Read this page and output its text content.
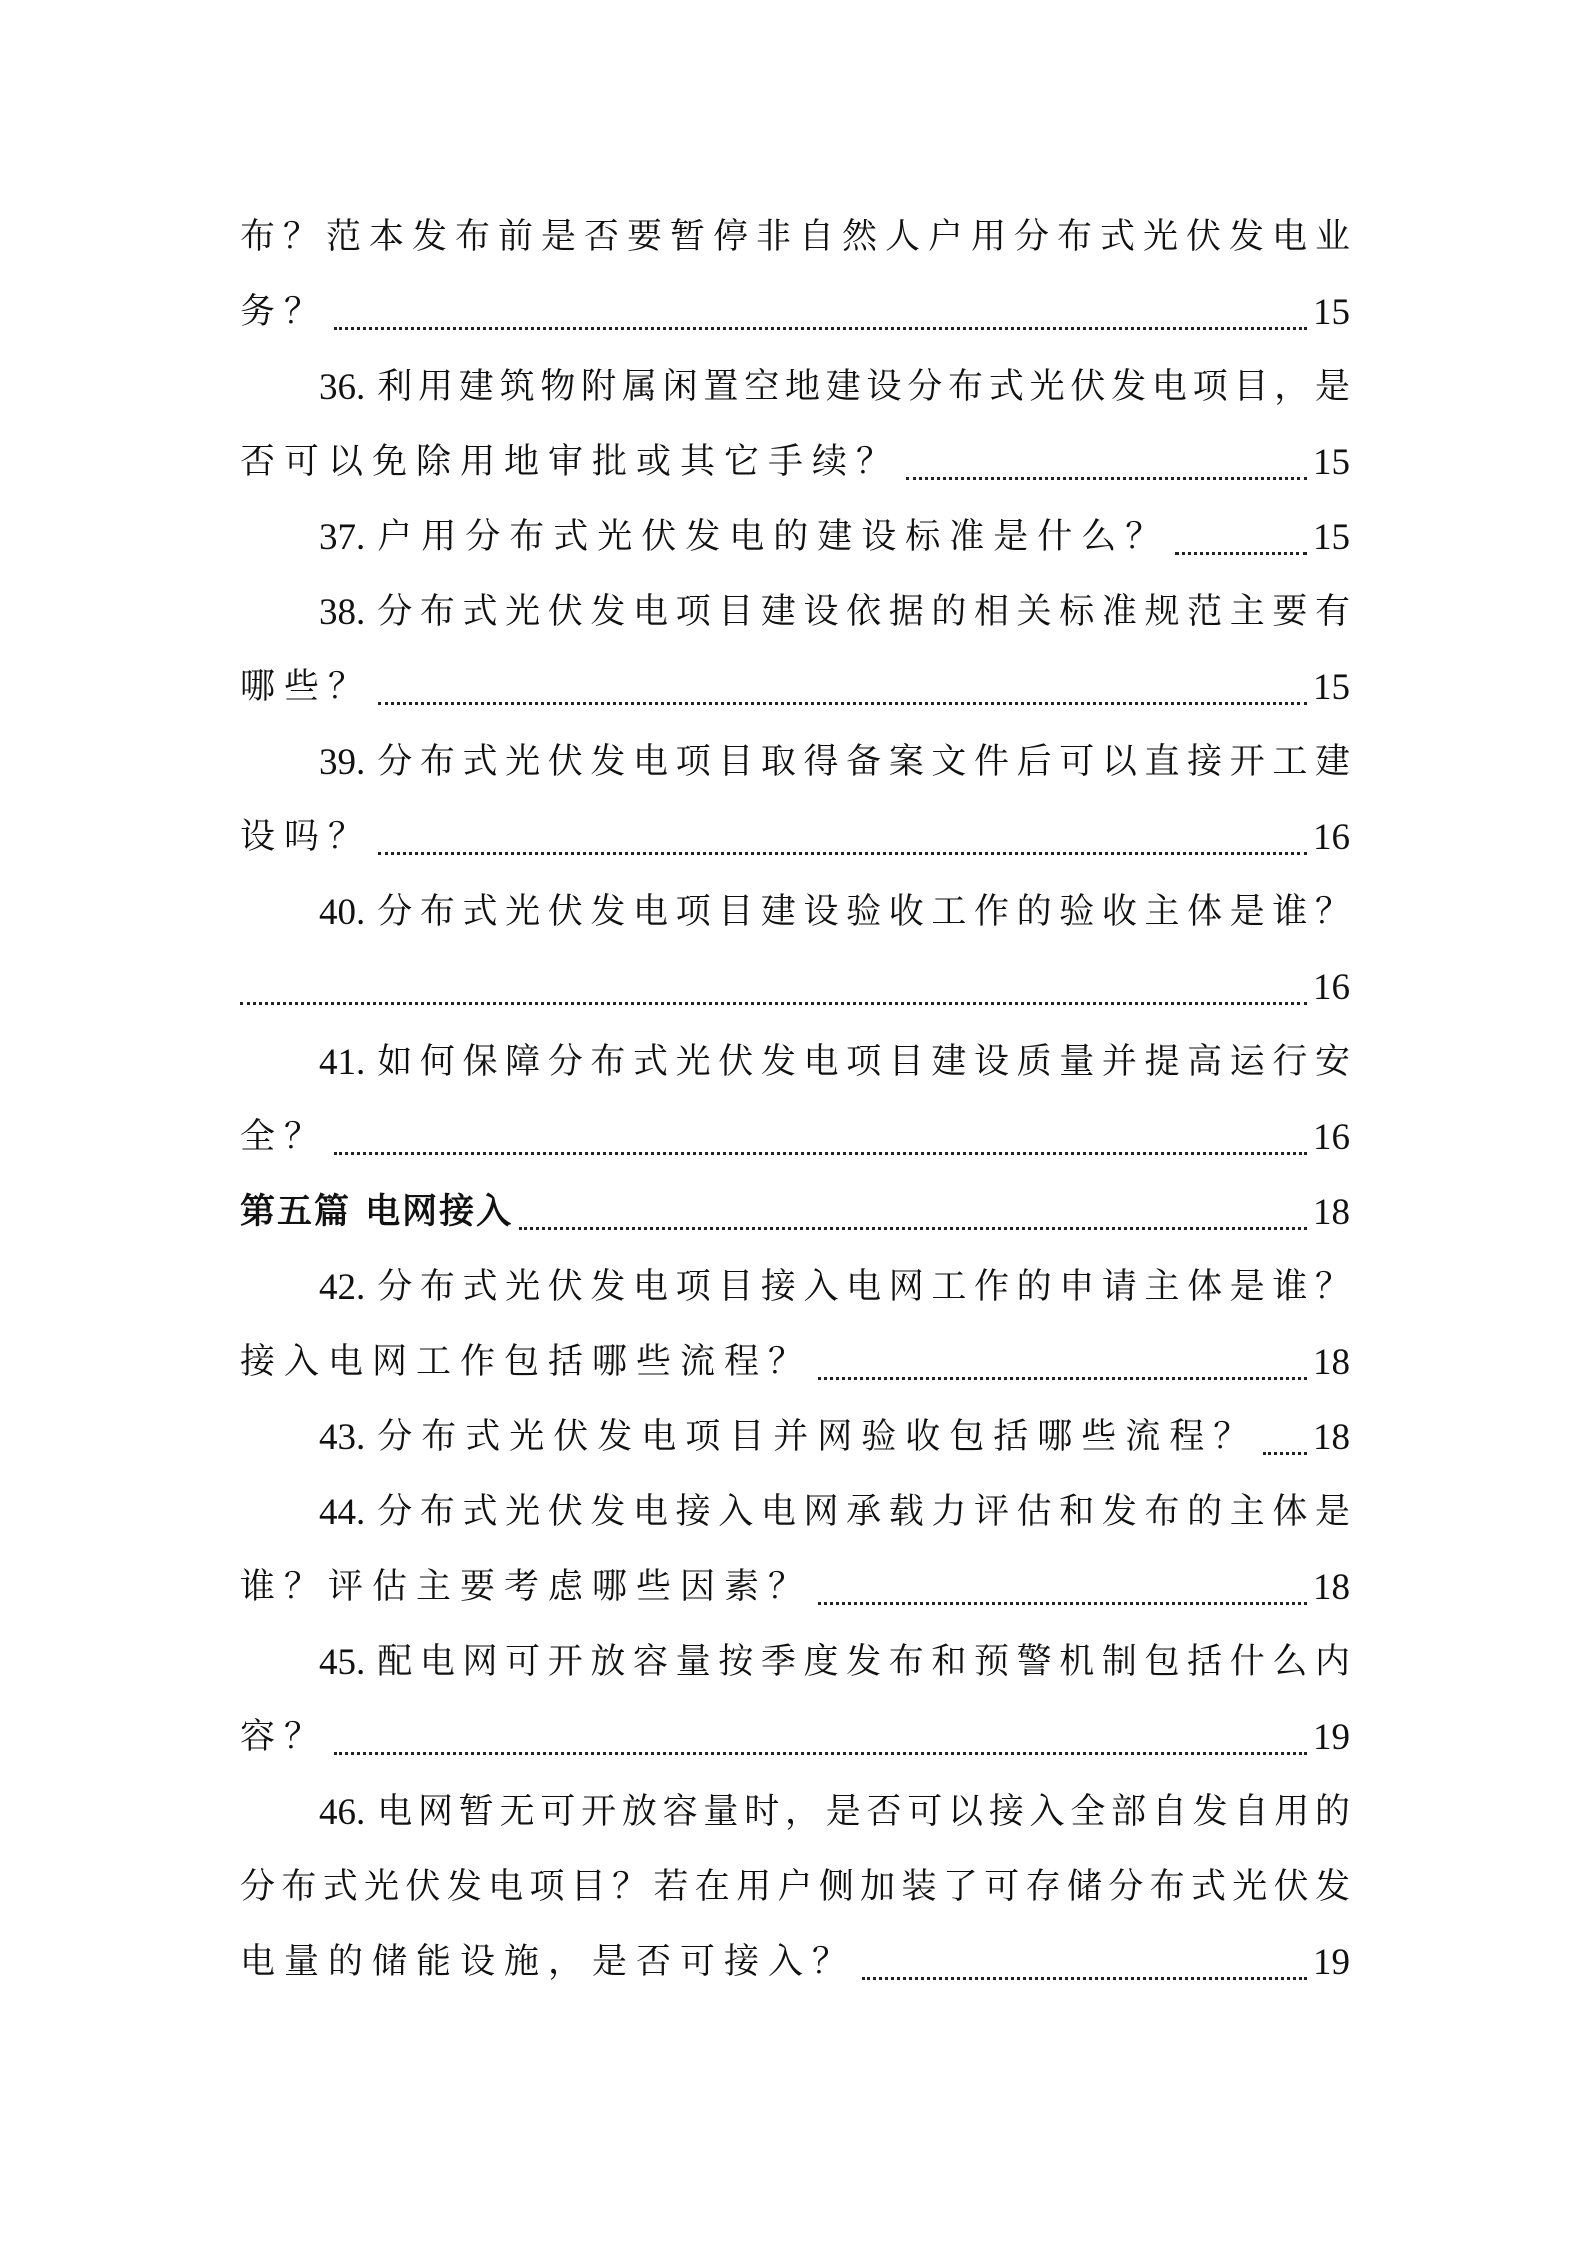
布？范本发布前是否要暂停非自然人户用分布式光伏发电业
务？	15
36. 利用建筑物附属闲置空地建设分布式光伏发电项目，是
否可以免除用地审批或其它手续？	15
37. 户用分布式光伏发电的建设标准是什么？	15
38. 分布式光伏发电项目建设依据的相关标准规范主要有
哪些？	15
39. 分布式光伏发电项目取得备案文件后可以直接开工建
设吗？	16
40. 分布式光伏发电项目建设验收工作的验收主体是谁？
16
41. 如何保障分布式光伏发电项目建设质量并提高运行安
全？	16
第五篇 电网接入	18
42. 分布式光伏发电项目接入电网工作的申请主体是谁？
接入电网工作包括哪些流程？	18
43. 分布式光伏发电项目并网验收包括哪些流程？ 18
44. 分布式光伏发电接入电网承载力评估和发布的主体是
谁？评估主要考虑哪些因素？	18
45. 配电网可开放容量按季度发布和预警机制包括什么内
容？	19
46. 电网暂无可开放容量时，是否可以接入全部自发自用的
分布式光伏发电项目？若在用户侧加装了可存储分布式光伏发
电量的储能设施，是否可接入？	19
